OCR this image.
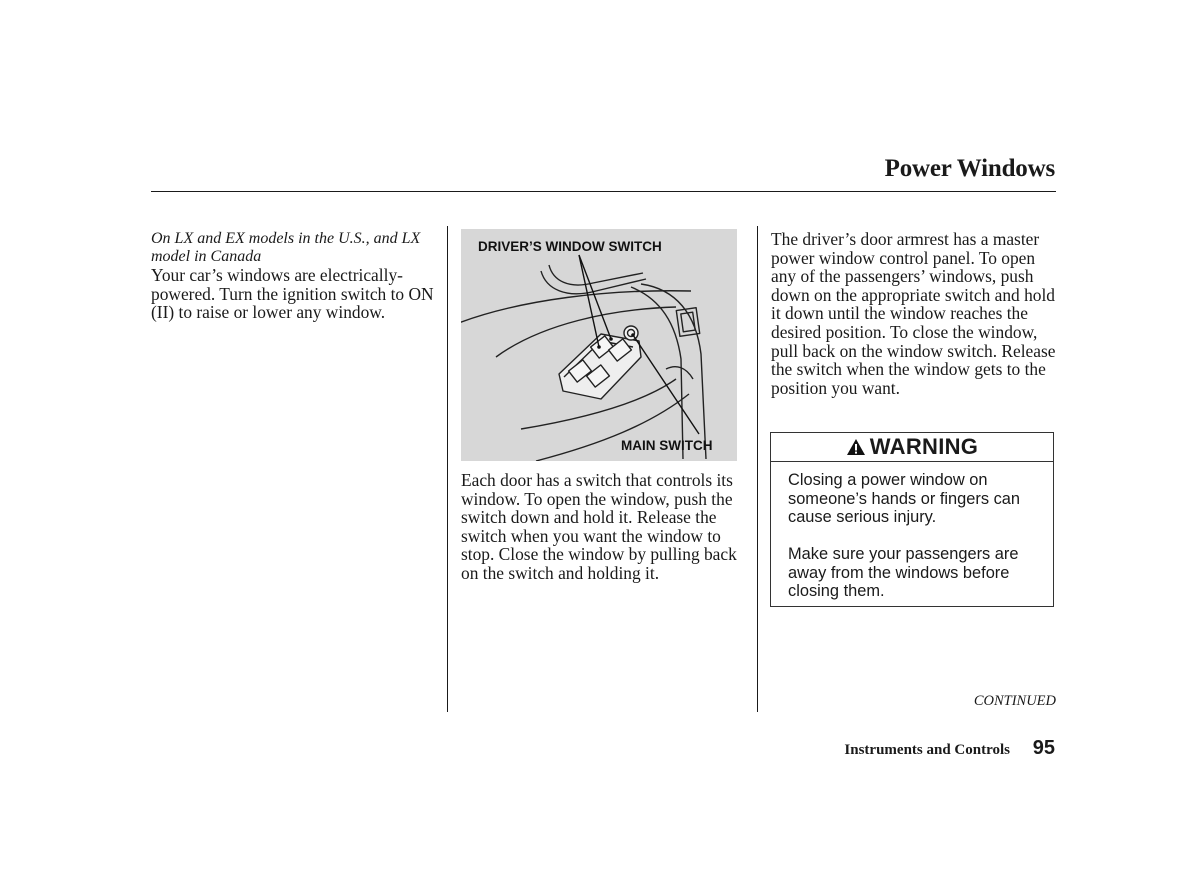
Power Windows

On LX and EX models in the U.S., and LX model in Canada

Your car’s windows are electrically-powered. Turn the ignition switch to ON (II) to raise or lower any window.

DRIVER’S WINDOW SWITCH
MAIN SWITCH

Each door has a switch that controls its window. To open the window, push the switch down and hold it. Release the switch when you want the window to stop. Close the window by pulling back on the switch and holding it.

The driver’s door armrest has a master power window control panel. To open any of the passengers’ windows, push down on the appropriate switch and hold it down until the window reaches the desired position. To close the window, pull back on the window switch. Release the switch when the window gets to the position you want.

WARNING

Closing a power window on someone’s hands or fingers can cause serious injury.

Make sure your passengers are away from the windows before closing them.

CONTINUED
Instruments and Controls 95
